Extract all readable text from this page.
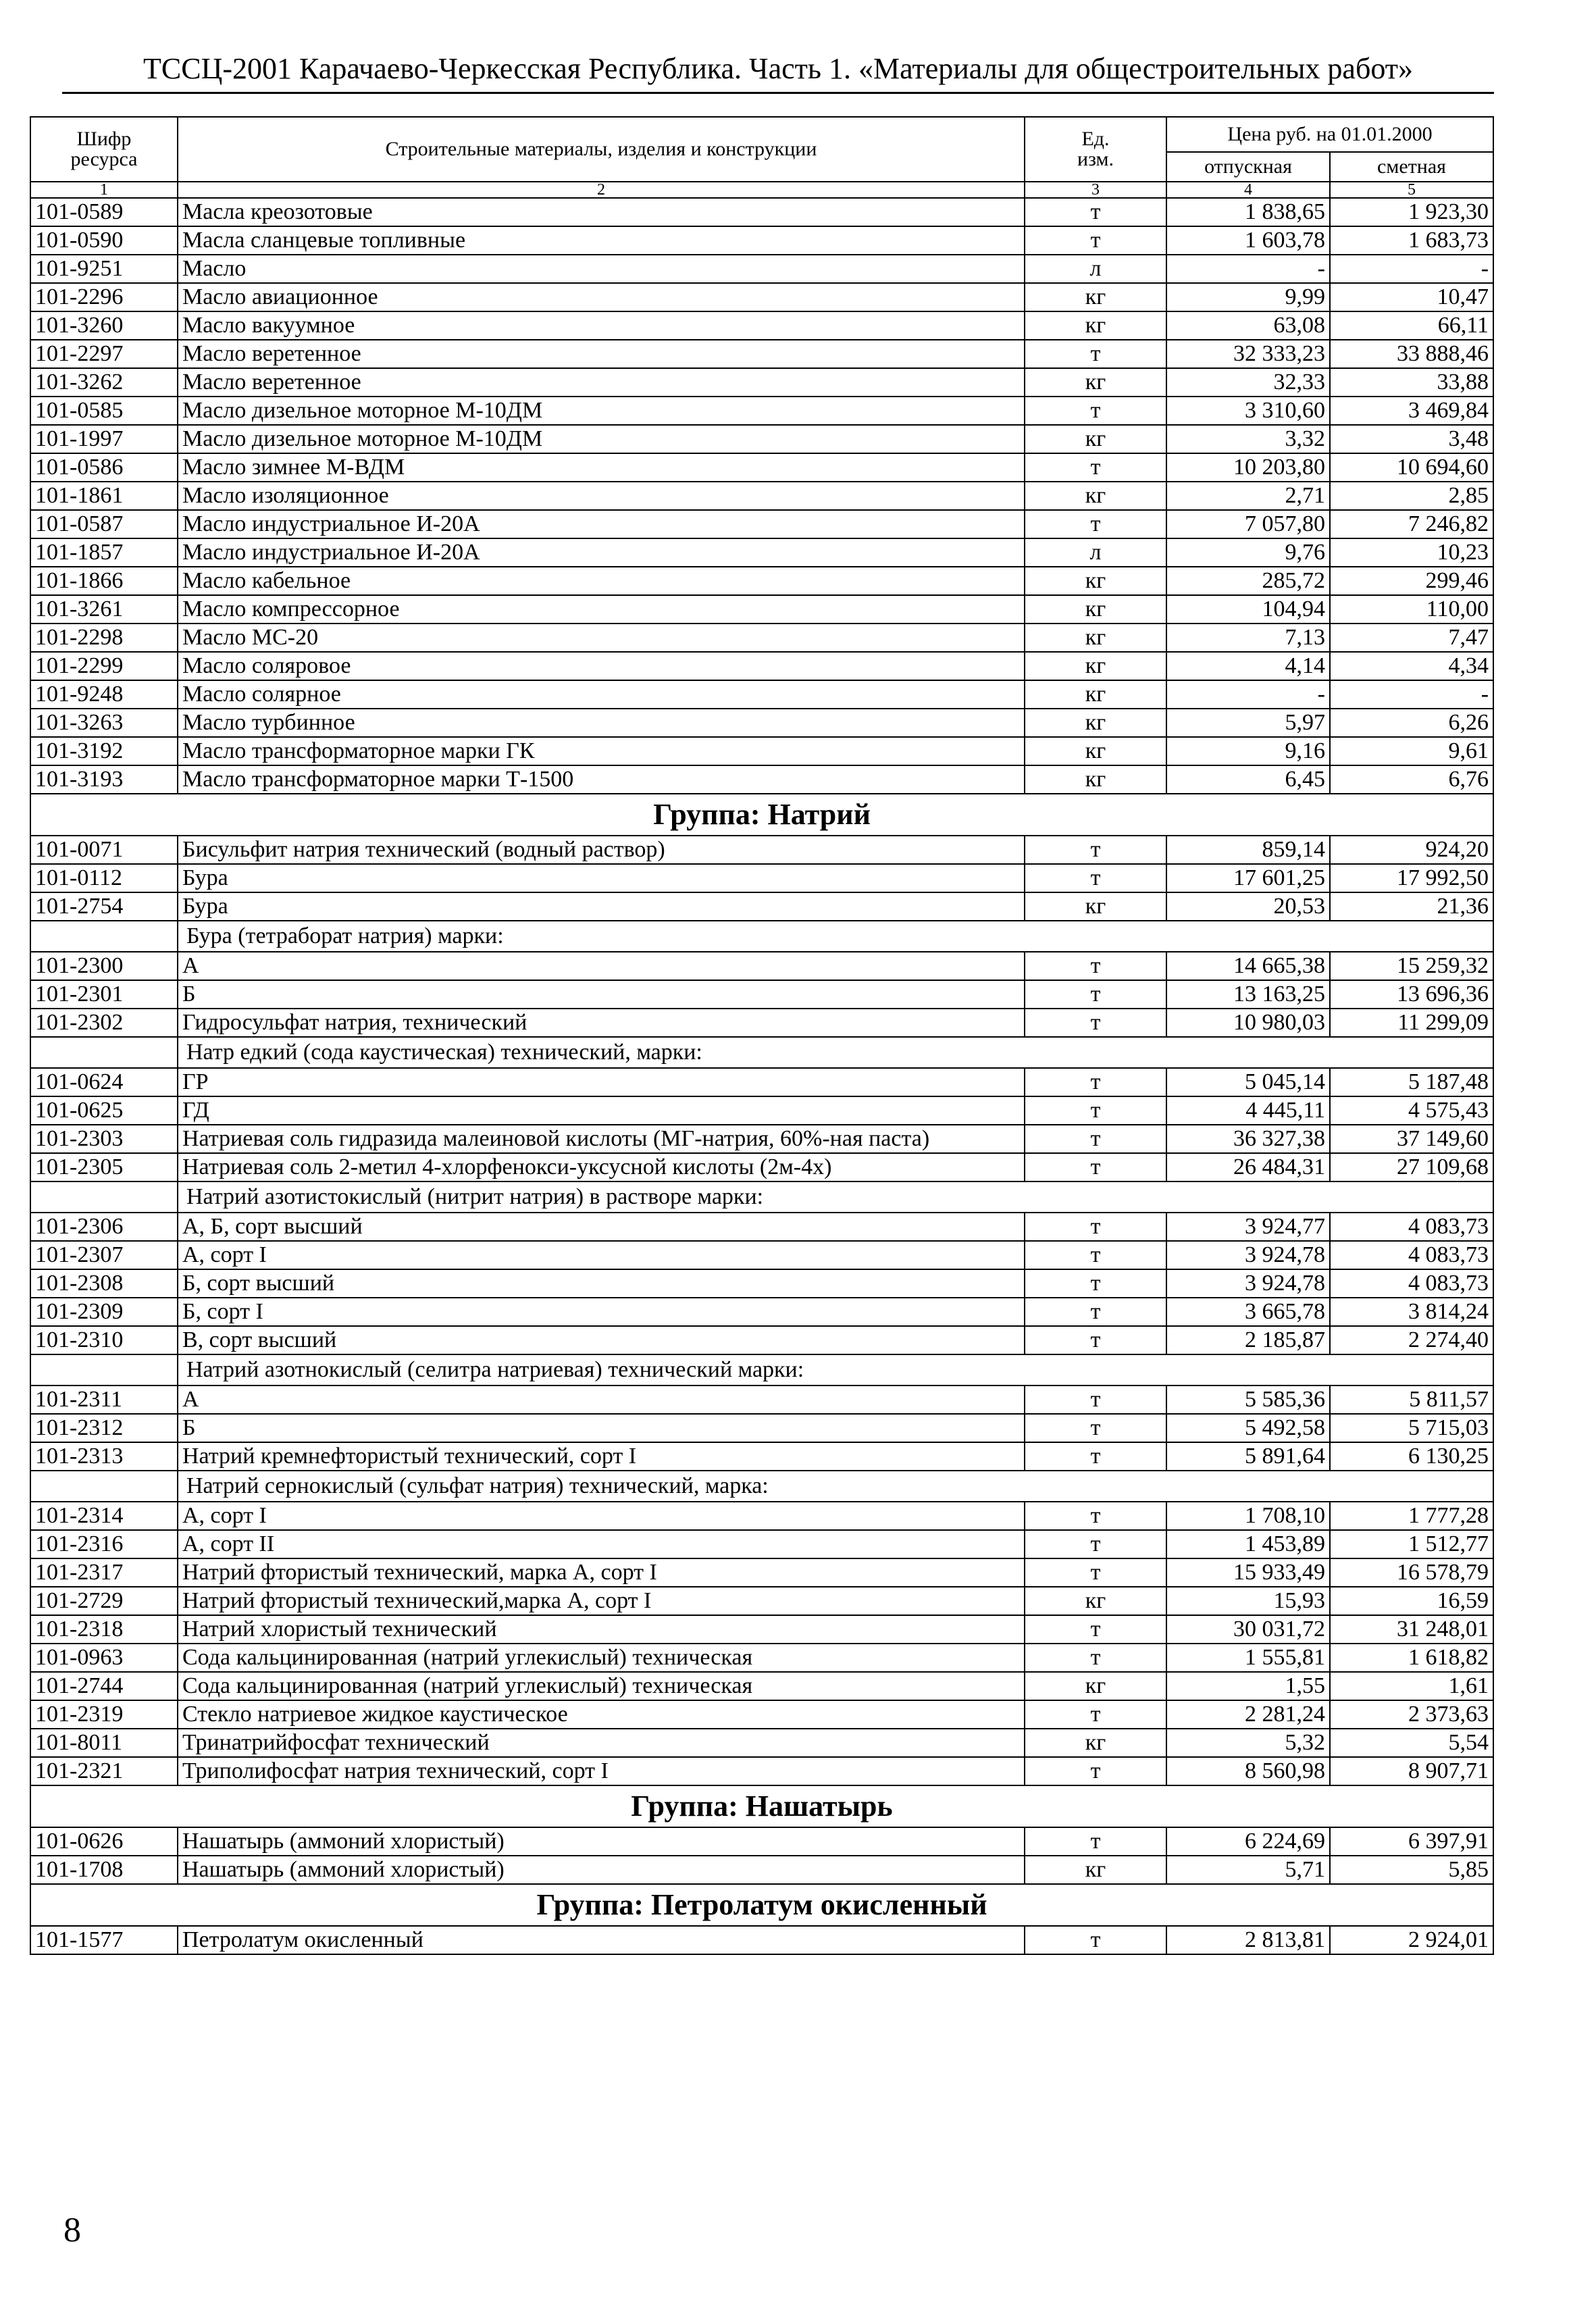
ТССЦ-2001 Карачаево-Черкесская Республика. Часть 1. «Материалы для общестроительных работ»
Шифр ресурса	Строительные материалы, изделия и конструкции	Ед. изм.	Цена руб. на 01.01.2000	
			отпускная	сметная
1	2	3	4	5
101-0589	Масла креозотовые	т	1 838,65	1 923,30
101-0590	Масла сланцевые топливные	т	1 603,78	1 683,73
101-9251	Масло	л	-	-
101-2296	Масло авиационное	кг	9,99	10,47
101-3260	Масло вакуумное	кг	63,08	66,11
101-2297	Масло веретенное	т	32 333,23	33 888,46
101-3262	Масло веретенное	кг	32,33	33,88
101-0585	Масло дизельное моторное М-10ДМ	т	3 310,60	3 469,84
101-1997	Масло дизельное моторное М-10ДМ	кг	3,32	3,48
101-0586	Масло зимнее М-ВДМ	т	10 203,80	10 694,60
101-1861	Масло изоляционное	кг	2,71	2,85
101-0587	Масло индустриальное И-20А	т	7 057,80	7 246,82
101-1857	Масло индустриальное И-20А	л	9,76	10,23
101-1866	Масло кабельное	кг	285,72	299,46
101-3261	Масло компрессорное	кг	104,94	110,00
101-2298	Масло МС-20	кг	7,13	7,47
101-2299	Масло соляровое	кг	4,14	4,34
101-9248	Масло солярное	кг	-	-
101-3263	Масло турбинное	кг	5,97	6,26
101-3192	Масло трансформаторное марки ГК	кг	9,16	9,61
101-3193	Масло трансформаторное марки Т-1500	кг	6,45	6,76
Группа: Натрий				
101-0071	Бисульфит натрия технический (водный раствор)	т	859,14	924,20
101-0112	Бура	т	17 601,25	17 992,50
101-2754	Бура	кг	20,53	21,36
	Бура (тетраборат натрия) марки:			
101-2300	А	т	14 665,38	15 259,32
101-2301	Б	т	13 163,25	13 696,36
101-2302	Гидросульфат натрия, технический	т	10 980,03	11 299,09
	Натр едкий (сода каустическая) технический, марки:			
101-0624	ГР	т	5 045,14	5 187,48
101-0625	ГД	т	4 445,11	4 575,43
101-2303	Натриевая соль гидразида малеиновой кислоты (МГ-натрия, 60%-ная паста)	т	36 327,38	37 149,60
101-2305	Натриевая соль 2-метил 4-хлорфенокси-уксусной кислоты (2м-4х)	т	26 484,31	27 109,68
	Натрий азотистокислый (нитрит натрия) в растворе марки:			
101-2306	А, Б, сорт высший	т	3 924,77	4 083,73
101-2307	А, сорт I	т	3 924,78	4 083,73
101-2308	Б, сорт высший	т	3 924,78	4 083,73
101-2309	Б, сорт I	т	3 665,78	3 814,24
101-2310	В, сорт высший	т	2 185,87	2 274,40
	Натрий азотнокислый (селитра натриевая) технический марки:			
101-2311	А	т	5 585,36	5 811,57
101-2312	Б	т	5 492,58	5 715,03
101-2313	Натрий кремнефтористый технический, сорт I	т	5 891,64	6 130,25
	Натрий сернокислый (сульфат натрия) технический, марка:			
101-2314	А, сорт I	т	1 708,10	1 777,28
101-2316	А, сорт II	т	1 453,89	1 512,77
101-2317	Натрий фтористый технический, марка А, сорт I	т	15 933,49	16 578,79
101-2729	Натрий фтористый технический,марка А, сорт I	кг	15,93	16,59
101-2318	Натрий хлористый технический	т	30 031,72	31 248,01
101-0963	Сода кальцинированная (натрий углекислый) техническая	т	1 555,81	1 618,82
101-2744	Сода кальцинированная (натрий углекислый) техническая	кг	1,55	1,61
101-2319	Стекло натриевое жидкое каустическое	т	2 281,24	2 373,63
101-8011	Тринатрийфосфат технический	кг	5,32	5,54
101-2321	Триполифосфат натрия технический, сорт I	т	8 560,98	8 907,71
Группа: Нашатырь				
101-0626	Нашатырь (аммоний хлористый)	т	6 224,69	6 397,91
101-1708	Нашатырь (аммоний хлористый)	кг	5,71	5,85
Группа: Петролатум окисленный				
101-1577	Петролатум окисленный	т	2 813,81	2 924,01
8
